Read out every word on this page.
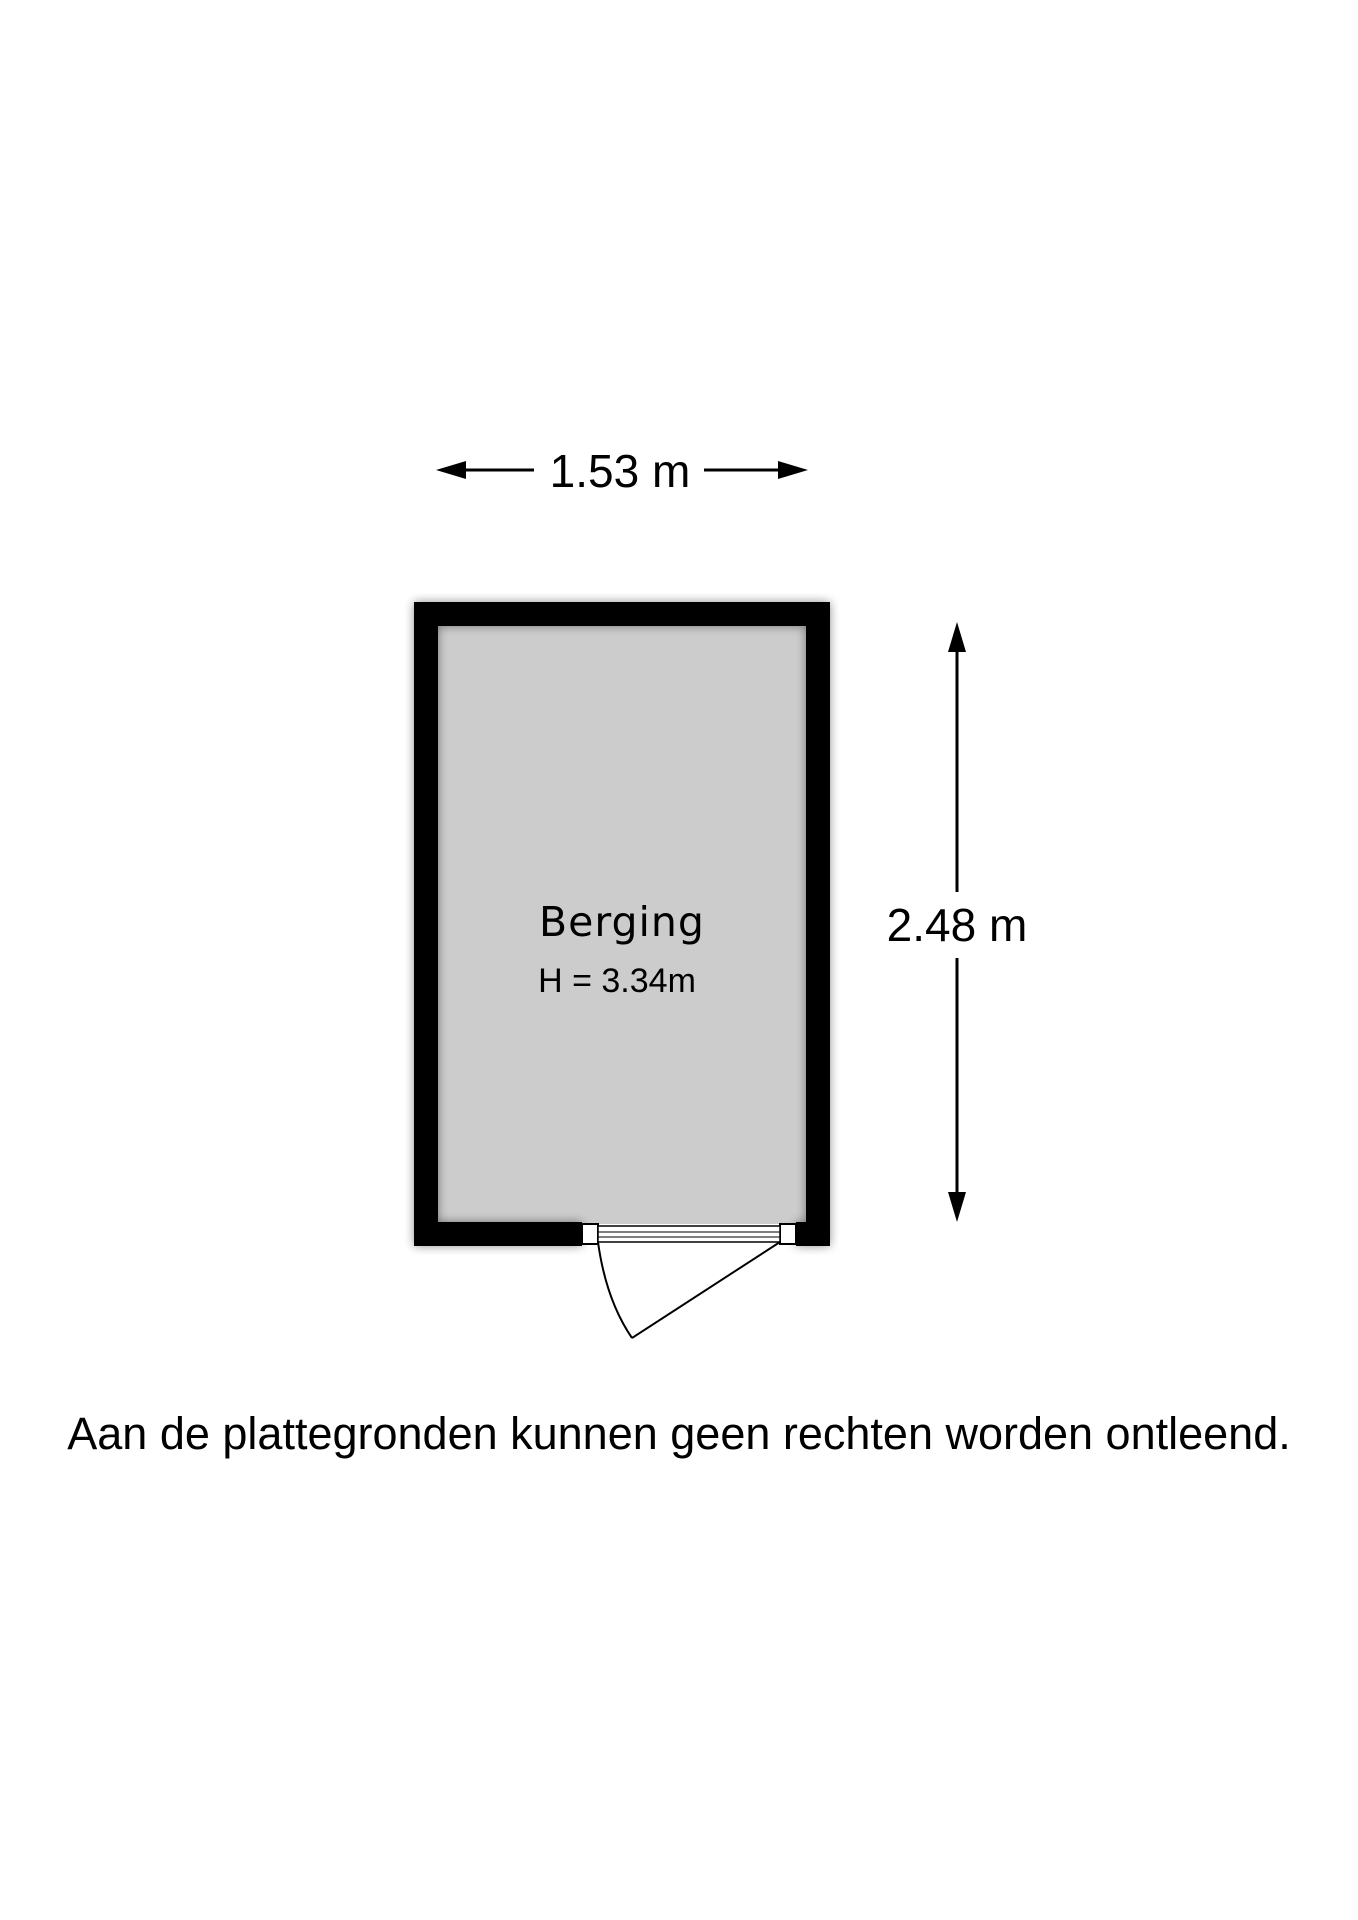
1.53 m
2.48 m
Berging
H = 3.34m
Aan de plattegronden kunnen geen rechten worden ontleend.
